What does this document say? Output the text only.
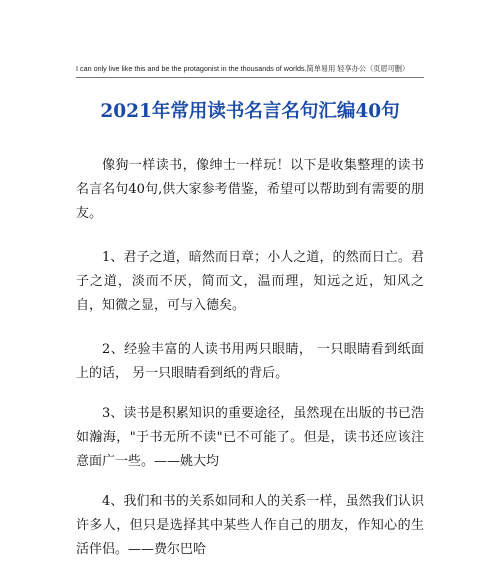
I can only live like this and be the protagonist in the thousands of worlds.简单易用 轻享办公（页眉可删）
2021年常用读书名言名句汇编40句
像狗一样读书，像绅士一样玩！以下是收集整理的读书名言名句40句,供大家参考借鉴，希望可以帮助到有需要的朋友。
1、君子之道，暗然而日章；小人之道，的然而日亡。君子之道，淡而不厌，简而文，温而理，知远之近，知风之自，知微之显，可与入德矣。
2、经验丰富的人读书用两只眼睛， 一只眼睛看到纸面上的话， 另一只眼睛看到纸的背后。
3、读书是积累知识的重要途径，虽然现在出版的书已浩如瀚海，"于书无所不读"已不可能了。但是，读书还应该注意面广一些。——姚大均
4、我们和书的关系如同和人的关系一样，虽然我们认识许多人，但只是选择其中某些人作自己的朋友，作知心的生活伴侣。——费尔巴哈
